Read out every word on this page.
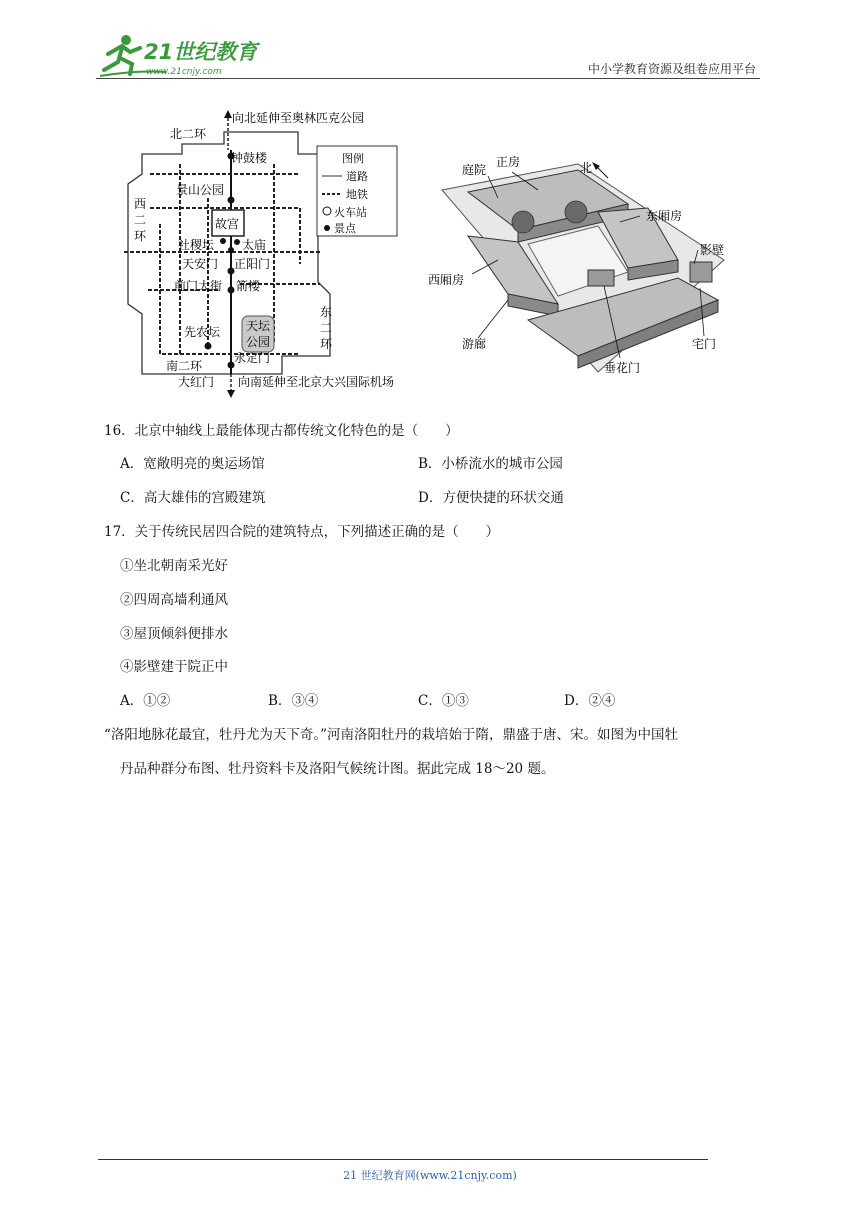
21世纪教育
www.21cnjy.com	中小学教育资源及组卷应用平台
图例
道路
地铁
火车站
景点
向北延伸至奥林匹克公园
北二环
钟鼓楼
景山公园
故宫
社稷坛 太庙
天安门 正阳门
前门大街 箭楼
天坛
公园
先农坛
永定门
南二环
大红门 向南延伸至北京大兴国际机场
西
二
环
东
二
环
庭院
正房	北
东厢房
影壁
西厢房
游廊
垂花门
宅门
16．北京中轴线上最能体现古都传统文化特色的是（　　）
A．宽敞明亮的奥运场馆	B．小桥流水的城市公园
C．高大雄伟的宫殿建筑	D．方便快捷的环状交通
17．关于传统民居四合院的建筑特点，下列描述正确的是（　　）
①坐北朝南采光好
②四周高墙利通风
③屋顶倾斜便排水
④影壁建于院正中
A．①②	B．③④	C．①③	D．②④
“洛阳地脉花最宜，牡丹尤为天下奇。”河南洛阳牡丹的栽培始于隋，鼎盛于唐、宋。如图为中国牡
丹品种群分布图、牡丹资料卡及洛阳气候统计图。据此完成 18～20 题。
21 世纪教育网(www.21cnjy.com)
